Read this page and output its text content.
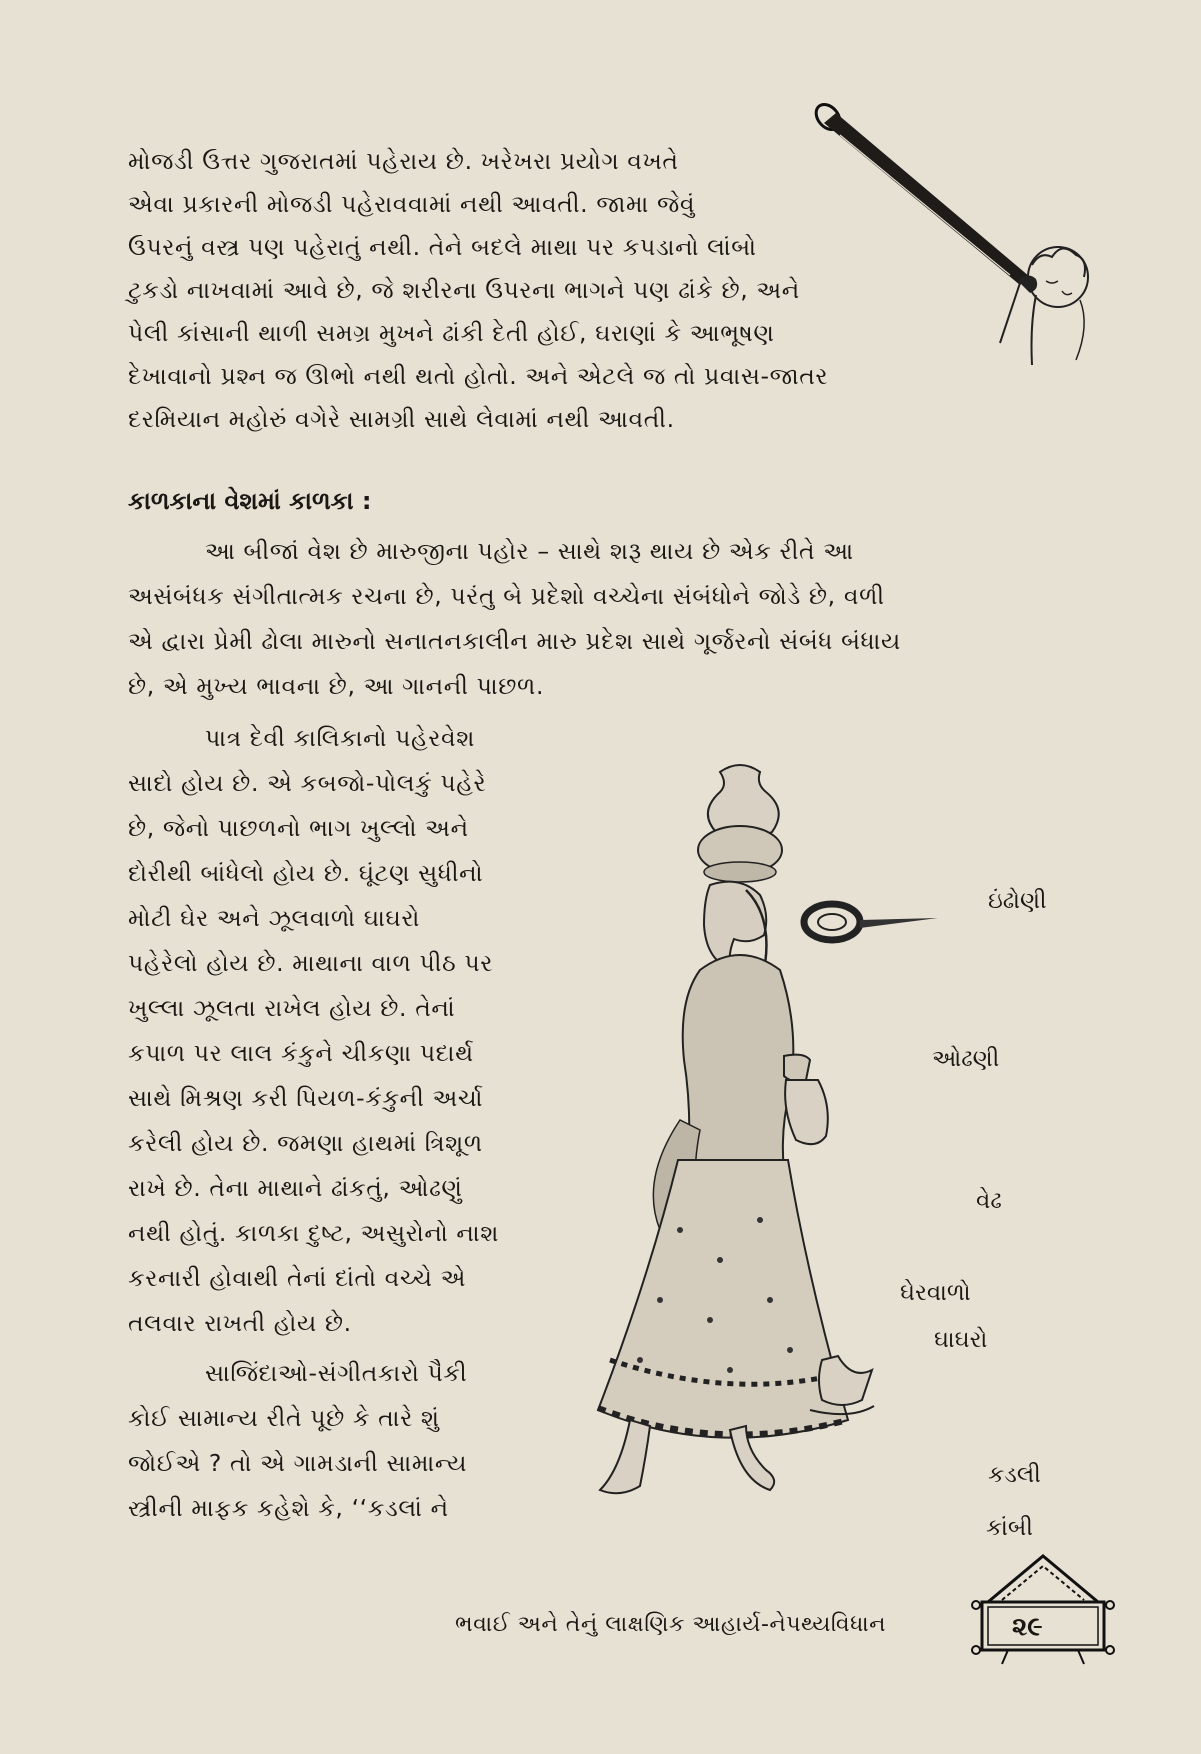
મોજડી ઉત્તર ગુજરાતમાં પહેરાય છે. ખરેખરા પ્રયોગ વખતે
એવા પ્રકારની મોજડી પહેરાવવામાં નથી આવતી. જામા જેવું
ઉપરનું વસ્ત્ર પણ પહેરાતું નથી. તેને બદલે માથા પર કપડાનો લાંબો
ટુકડો નાખવામાં આવે છે, જે શરીરના ઉપરના ભાગને પણ ઢાંકે છે, અને
પેલી કાંસાની થાળી સમગ્ર મુખને ઢાંકી દેતી હોઈ, ઘરાણાં કે આભૂષણ
દેખાવાનો પ્રશ્ન જ ઊભો નથી થતો હોતો. અને એટલે જ તો પ્રવાસ-જાતર
દરમિયાન મહોરું વગેરે સામગ્રી સાથે લેવામાં નથી આવતી.
કાળકાના વેશમાં કાળકા :
આ બીજાં વેશ છે મારુજીના પહોર – સાથે શરૂ થાય છે એક રીતે આ
અસંબંધક સંગીતાત્મક રચના છે, પરંતુ બે પ્રદેશો વચ્ચેના સંબંધોને જોડે છે, વળી
એ દ્વારા પ્રેમી ઢોલા મારુનો સનાતનકાલીન મારુ પ્રદેશ સાથે ગૂર્જરનો સંબંધ બંધાય
છે, એ મુખ્ય ભાવના છે, આ ગાનની પાછળ.
પાત્ર દેવી કાલિકાનો પહેરવેશ
સાદો હોય છે. એ કબજો-પોલકું પહેરે
છે, જેનો પાછળનો ભાગ ખુલ્લો અને
દોરીથી બાંધેલો હોય છે. ઘૂંટણ સુધીનો
મોટી ઘેર અને ઝૂલવાળો ઘાઘરો
પહેરેલો હોય છે. માથાના વાળ પીઠ પર
ખુલ્લા ઝૂલતા રાખેલ હોય છે. તેનાં
કપાળ પર લાલ કંકુને ચીકણા પદાર્થ
સાથે મિશ્રણ કરી પિયળ-કંકુની અર્ચા
કરેલી હોય છે. જમણા હાથમાં ત્રિશૂળ
રાખે છે. તેના માથાને ઢાંકતું, ઓઢણું
નથી હોતું. કાળકા દુષ્ટ, અસુરોનો નાશ
કરનારી હોવાથી તેનાં દાંતો વચ્ચે એ
તલવાર રાખતી હોય છે.
સાજિંદાઓ-સંગીતકારો પૈકી
કોઈ સામાન્ય રીતે પૂછે કે તારે શું
જોઈએ ? તો એ ગામડાની સામાન્ય
સ્ત્રીની માફક કહેશે કે, ‘‘કડલાં ને
ઇંઢોણી
ઓઢણી
વેઢ
ઘેરવાળો
ઘાઘરો
કડલી
કાંબી
ભવાઈ અને તેનું લાક્ષણિક આહાર્ય-નેપથ્યવિધાન	૨૯
